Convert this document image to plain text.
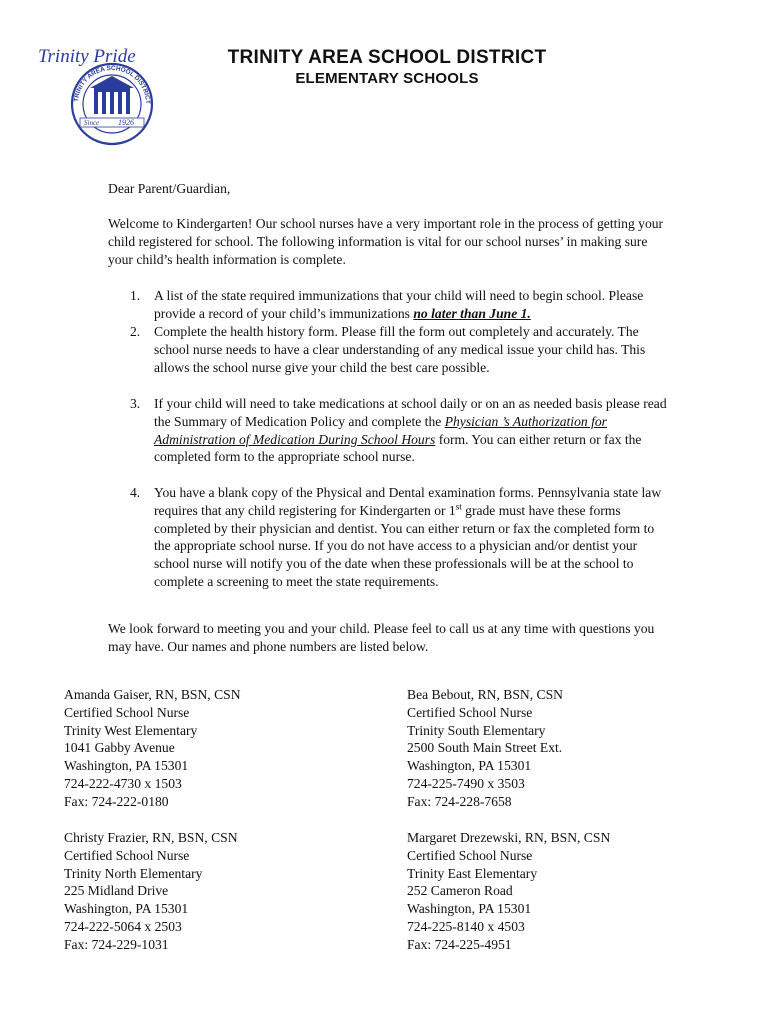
Trinity Pride
TRINITY AREA SCHOOL DISTRICT
Since 1926
TRINITY AREA SCHOOL DISTRICT
ELEMENTARY SCHOOLS
Dear Parent/Guardian,
Welcome to Kindergarten! Our school nurses have a very important role in the process of getting your child registered for school. The following information is vital for our school nurses’ in making sure your child’s health information is complete.
1. A list of the state required immunizations that your child will need to begin school. Please provide a record of your child’s immunizations no later than June 1.
2. Complete the health history form. Please fill the form out completely and accurately. The school nurse needs to have a clear understanding of any medical issue your child has. This allows the school nurse give your child the best care possible.
3. If your child will need to take medications at school daily or on an as needed basis please read the Summary of Medication Policy and complete the Physician ’s Authorization for Administration of Medication During School Hours form. You can either return or fax the completed form to the appropriate school nurse.
4. You have a blank copy of the Physical and Dental examination forms. Pennsylvania state law requires that any child registering for Kindergarten or 1st grade must have these forms completed by their physician and dentist. You can either return or fax the completed form to the appropriate school nurse. If you do not have access to a physician and/or dentist your school nurse will notify you of the date when these professionals will be at the school to complete a screening to meet the state requirements.
We look forward to meeting you and your child. Please feel to call us at any time with questions you may have. Our names and phone numbers are listed below.
Amanda Gaiser, RN, BSN, CSN
Certified School Nurse
Trinity West Elementary
1041 Gabby Avenue
Washington, PA 15301
724-222-4730 x 1503
Fax: 724-222-0180
Bea Bebout, RN, BSN, CSN
Certified School Nurse
Trinity South Elementary
2500 South Main Street Ext.
Washington, PA 15301
724-225-7490 x 3503
Fax: 724-228-7658
Christy Frazier, RN, BSN, CSN
Certified School Nurse
Trinity North Elementary
225 Midland Drive
Washington, PA 15301
724-222-5064 x 2503
Fax: 724-229-1031
Margaret Drezewski, RN, BSN, CSN
Certified School Nurse
Trinity East Elementary
252 Cameron Road
Washington, PA 15301
724-225-8140 x 4503
Fax: 724-225-4951
